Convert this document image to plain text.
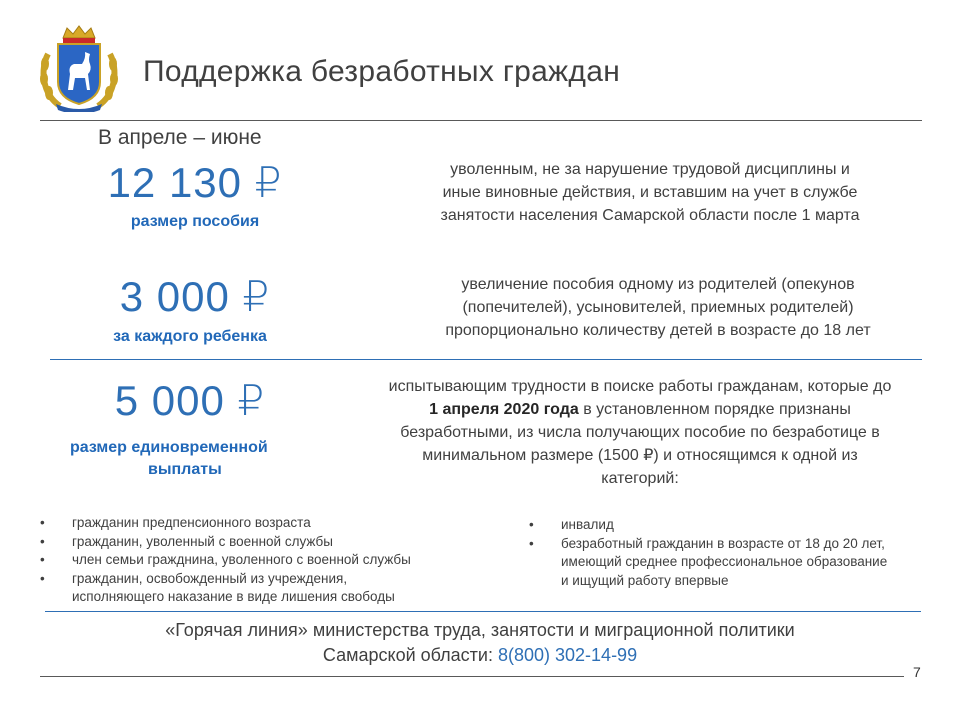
Поддержка безработных граждан
В апреле – июне
12 130 ₽
размер пособия
уволенным, не за нарушение трудовой дисциплины и
иные виновные действия, и вставшим на учет в службе
занятости населения Самарской области после 1 марта
3 000 ₽
за каждого ребенка
увеличение пособия одному из родителей (опекунов
(попечителей), усыновителей, приемных родителей)
пропорционально количеству детей в возрасте до 18 лет
5 000 ₽
размер единовременной
выплаты
испытывающим трудности в поиске работы гражданам, которые до
1 апреля 2020 года в установленном порядке признаны
безработными, из числа получающих пособие по безработице в
минимальном размере (1500 ₽) и относящимся к одной из
категорий:
• гражданин предпенсионного возраста
• гражданин, уволенный с военной службы
• член семьи гражднина, уволенного с военной службы
• гражданин, освобожденный из учреждения, исполняющего наказание в виде лишения свободы
• инвалид
• безработный гражданин в возрасте от 18 до 20 лет, имеющий среднее профессиональное образование и ищущий работу впервые
«Горячая линия» министерства труда, занятости и миграционной политики
Самарской области: 8(800) 302-14-99
7
